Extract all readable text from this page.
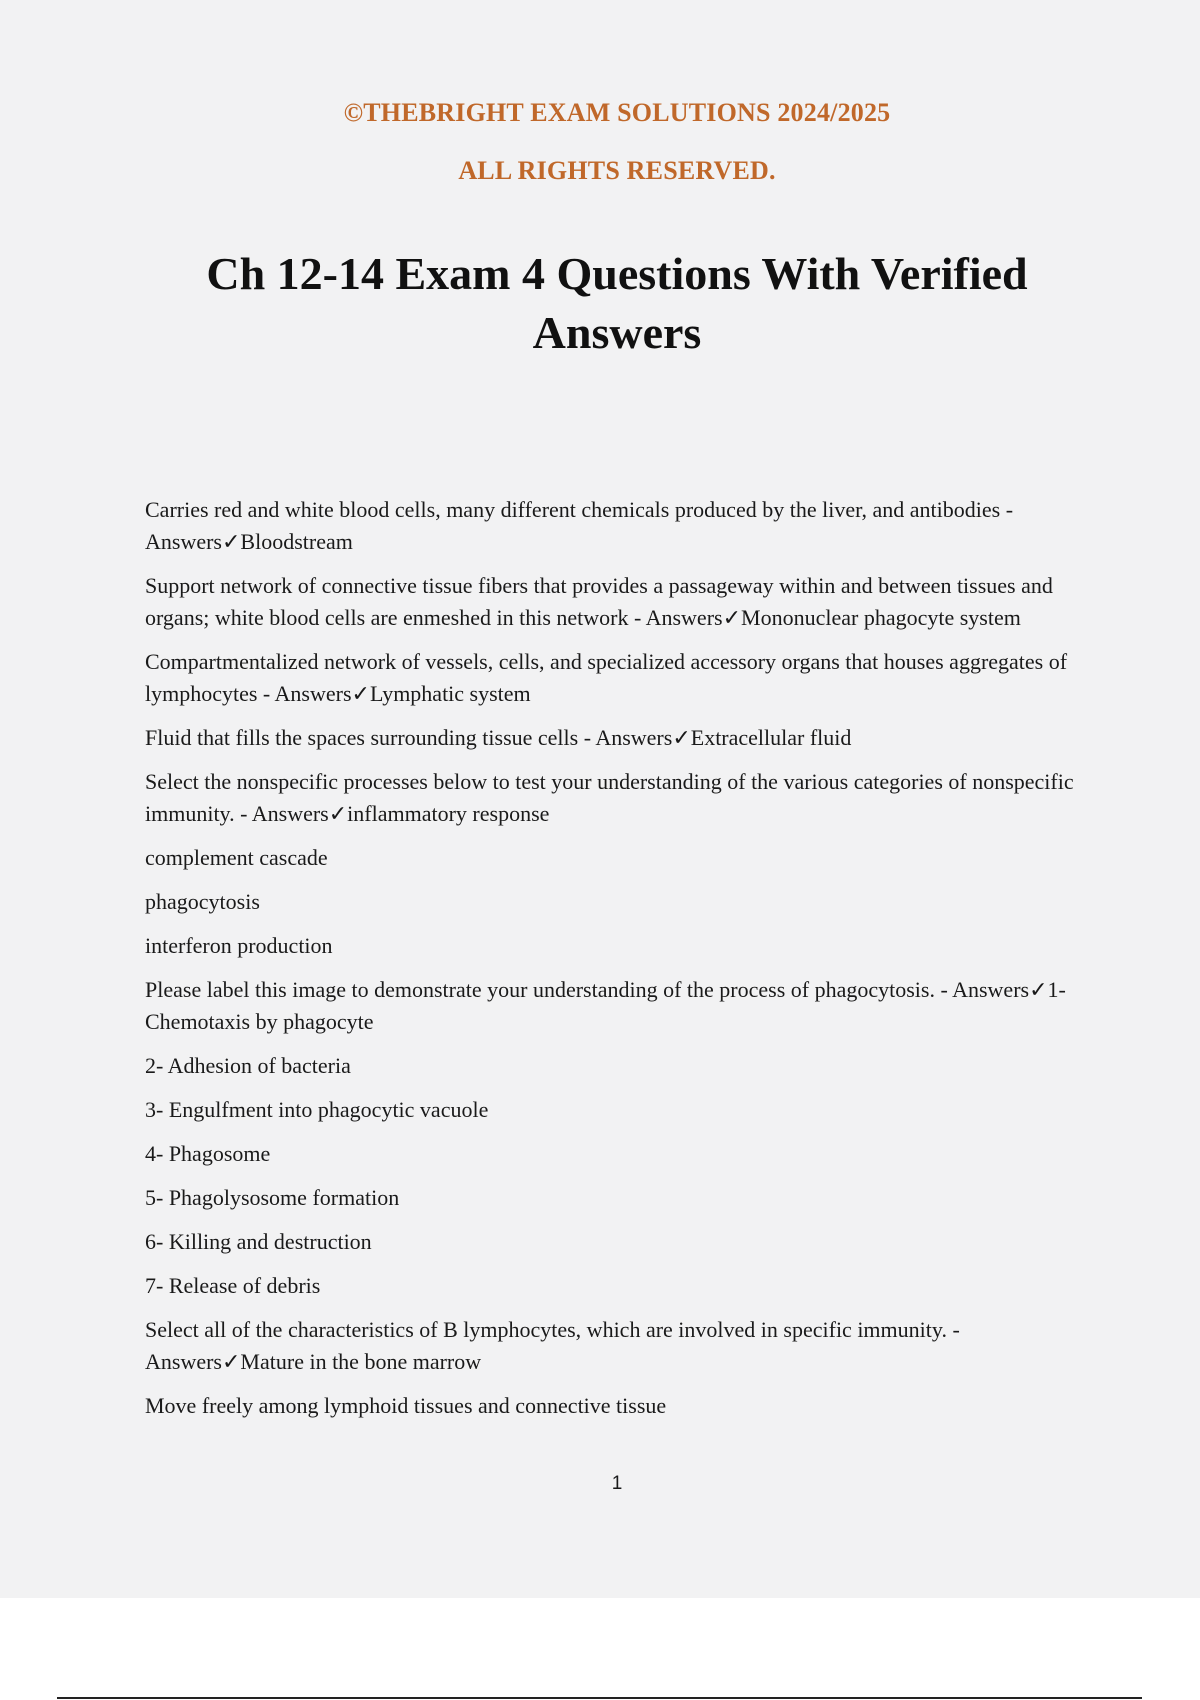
©THEBRIGHT EXAM SOLUTIONS 2024/2025

ALL RIGHTS RESERVED.

Ch 12-14 Exam 4 Questions With Verified Answers

Carries red and white blood cells, many different chemicals produced by the liver, and antibodies - Answers✓Bloodstream

Support network of connective tissue fibers that provides a passageway within and between tissues and organs; white blood cells are enmeshed in this network - Answers✓Mononuclear phagocyte system

Compartmentalized network of vessels, cells, and specialized accessory organs that houses aggregates of lymphocytes - Answers✓Lymphatic system

Fluid that fills the spaces surrounding tissue cells - Answers✓Extracellular fluid

Select the nonspecific processes below to test your understanding of the various categories of nonspecific immunity. - Answers✓inflammatory response

complement cascade

phagocytosis

interferon production

Please label this image to demonstrate your understanding of the process of phagocytosis. - Answers✓1- Chemotaxis by phagocyte

2- Adhesion of bacteria

3- Engulfment into phagocytic vacuole

4- Phagosome

5- Phagolysosome formation

6- Killing and destruction

7- Release of debris

Select all of the characteristics of B lymphocytes, which are involved in specific immunity. - Answers✓Mature in the bone marrow

Move freely among lymphoid tissues and connective tissue

1
